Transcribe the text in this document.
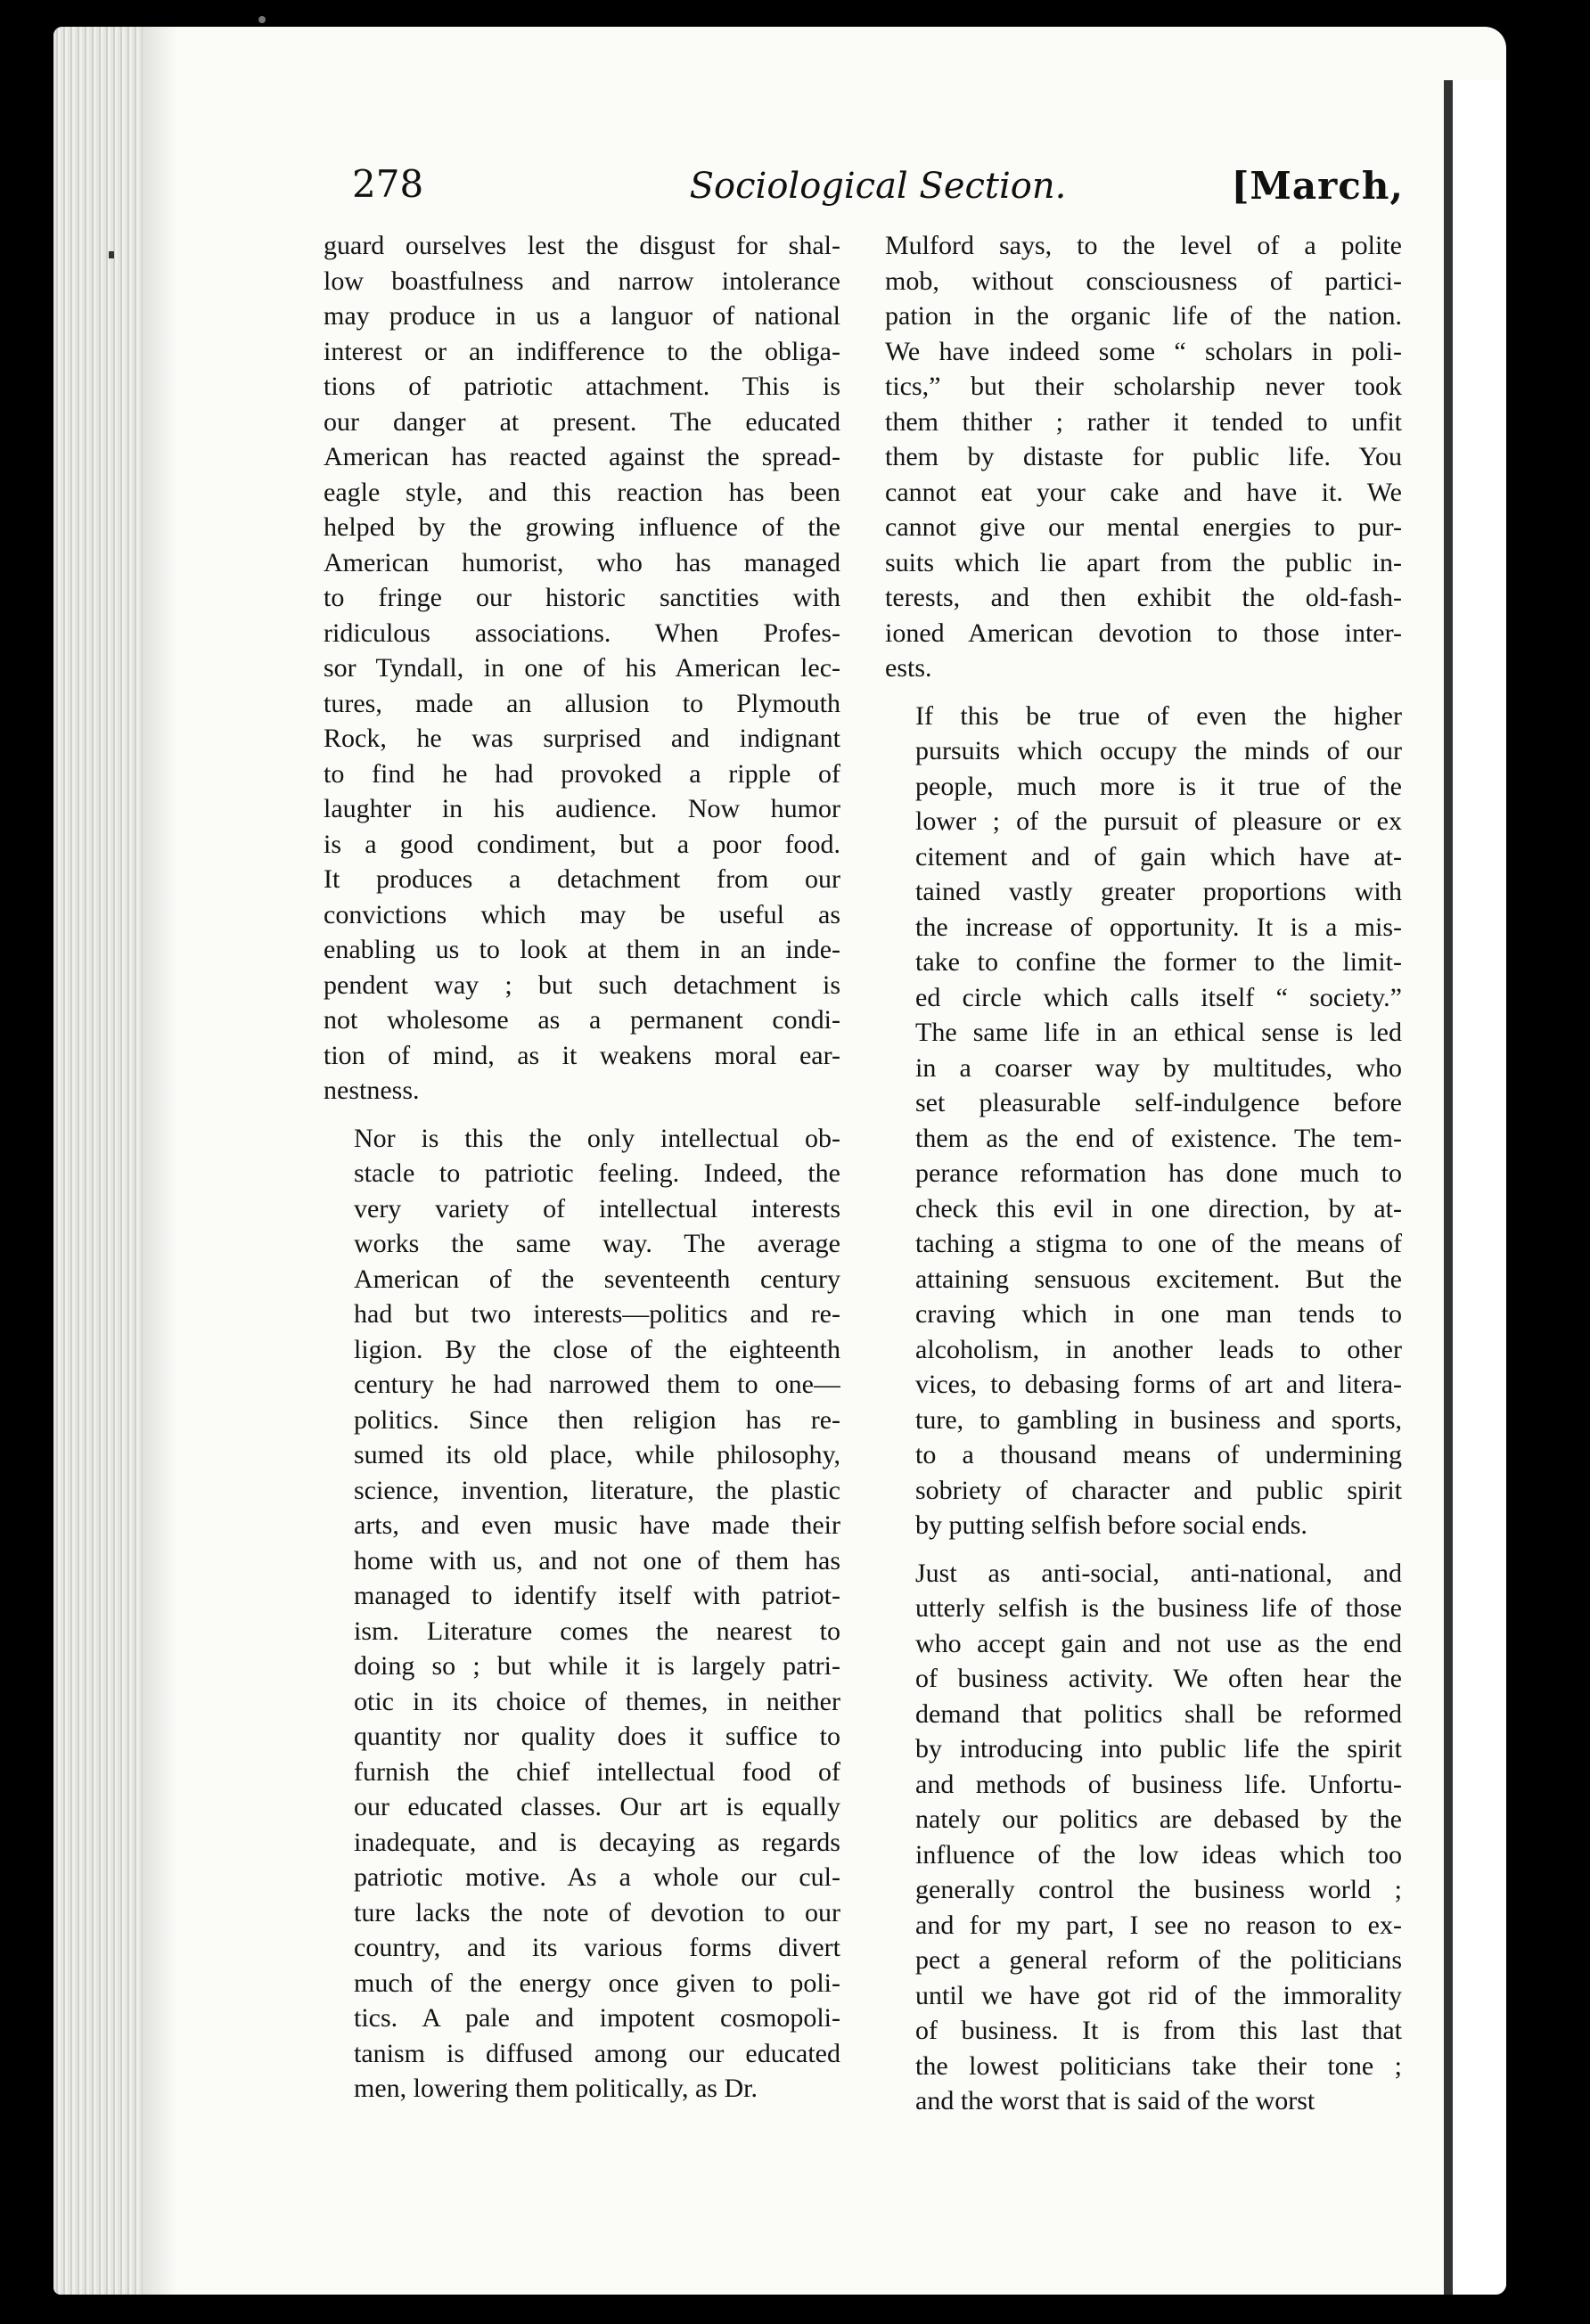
278	Sociological Section.	[March,

guard ourselves lest the disgust for shal-
low boastfulness and narrow intolerance
may produce in us a languor of national
interest or an indifference to the obliga-
tions of patriotic attachment. This is
our danger at present. The educated
American has reacted against the spread-
eagle style, and this reaction has been
helped by the growing influence of the
American humorist, who has managed
to fringe our historic sanctities with
ridiculous associations. When Profes-
sor Tyndall, in one of his American lec-
tures, made an allusion to Plymouth
Rock, he was surprised and indignant
to find he had provoked a ripple of
laughter in his audience. Now humor
is a good condiment, but a poor food.
It produces a detachment from our
convictions which may be useful as
enabling us to look at them in an inde-
pendent way ; but such detachment is
not wholesome as a permanent condi-
tion of mind, as it weakens moral ear-
nestness.

Nor is this the only intellectual ob-
stacle to patriotic feeling. Indeed, the
very variety of intellectual interests
works the same way. The average
American of the seventeenth century
had but two interests—politics and re-
ligion. By the close of the eighteenth
century he had narrowed them to one—
politics. Since then religion has re-
sumed its old place, while philosophy,
science, invention, literature, the plastic
arts, and even music have made their
home with us, and not one of them has
managed to identify itself with patriot-
ism. Literature comes the nearest to
doing so ; but while it is largely patri-
otic in its choice of themes, in neither
quantity nor quality does it suffice to
furnish the chief intellectual food of
our educated classes. Our art is equally
inadequate, and is decaying as regards
patriotic motive. As a whole our cul-
ture lacks the note of devotion to our
country, and its various forms divert
much of the energy once given to poli-
tics. A pale and impotent cosmopoli-
tanism is diffused among our educated
men, lowering them politically, as Dr.

Mulford says, to the level of a polite
mob, without consciousness of partici-
pation in the organic life of the nation.
We have indeed some “ scholars in poli-
tics,” but their scholarship never took
them thither ; rather it tended to unfit
them by distaste for public life. You
cannot eat your cake and have it. We
cannot give our mental energies to pur-
suits which lie apart from the public in-
terests, and then exhibit the old-fash-
ioned American devotion to those inter-
ests.

If this be true of even the higher
pursuits which occupy the minds of our
people, much more is it true of the
lower ; of the pursuit of pleasure or ex
citement and of gain which have at-
tained vastly greater proportions with
the increase of opportunity. It is a mis-
take to confine the former to the limit-
ed circle which calls itself “ society.”
The same life in an ethical sense is led
in a coarser way by multitudes, who
set pleasurable self-indulgence before
them as the end of existence. The tem-
perance reformation has done much to
check this evil in one direction, by at-
taching a stigma to one of the means of
attaining sensuous excitement. But the
craving which in one man tends to
alcoholism, in another leads to other
vices, to debasing forms of art and litera-
ture, to gambling in business and sports,
to a thousand means of undermining
sobriety of character and public spirit
by putting selfish before social ends.

Just as anti-social, anti-national, and
utterly selfish is the business life of those
who accept gain and not use as the end
of business activity. We often hear the
demand that politics shall be reformed
by introducing into public life the spirit
and methods of business life. Unfortu-
nately our politics are debased by the
influence of the low ideas which too
generally control the business world ;
and for my part, I see no reason to ex-
pect a general reform of the politicians
until we have got rid of the immorality
of business. It is from this last that
the lowest politicians take their tone ;
and the worst that is said of the worst
